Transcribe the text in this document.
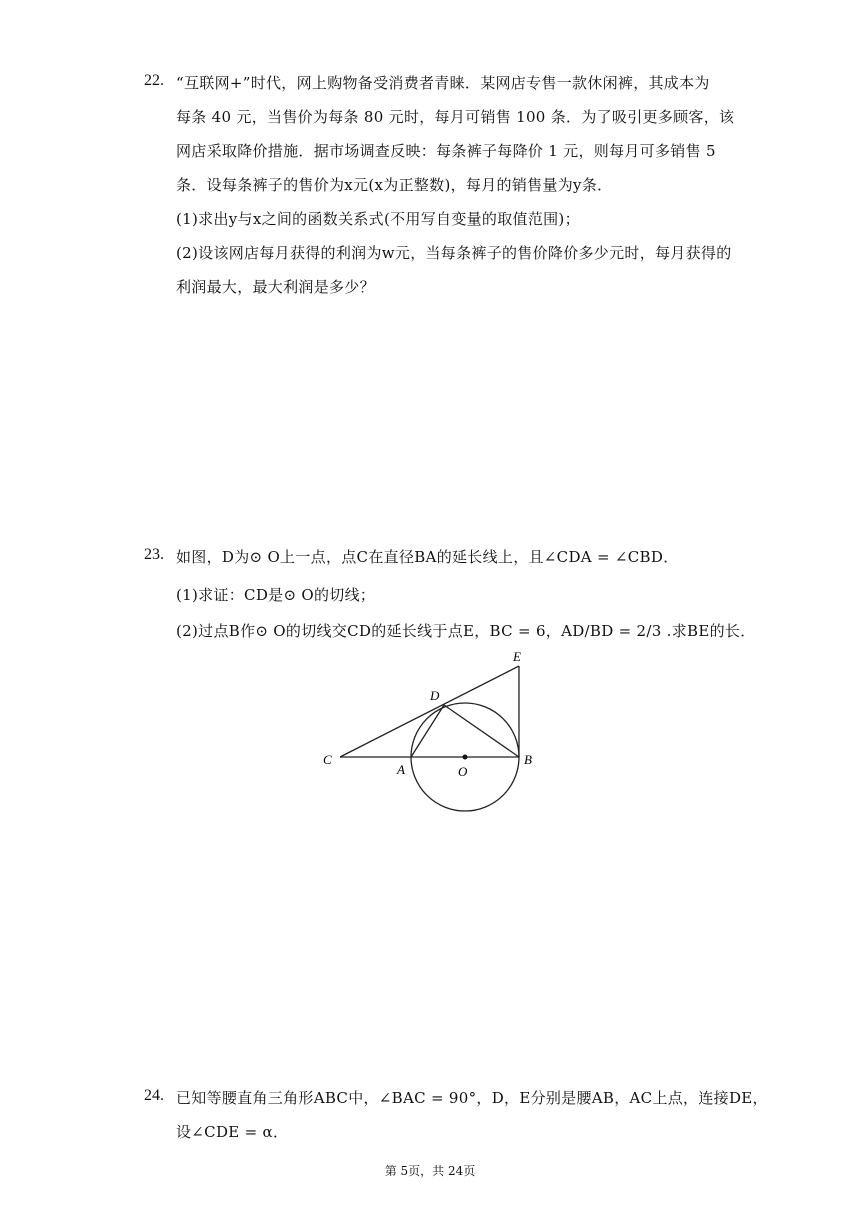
22. “互联网+”时代，网上购物备受消费者青睐．某网店专售一款休闲裤，其成本为
每条 40 元，当售价为每条 80 元时，每月可销售 100 条．为了吸引更多顾客，该
网店采取降价措施．据市场调查反映：每条裤子每降价 1 元，则每月可多销售 5
条．设每条裤子的售价为x元(x为正整数)，每月的销售量为y条．
(1)求出y与x之间的函数关系式(不用写自变量的取值范围)；
(2)设该网店每月获得的利润为w元，当每条裤子的售价降价多少元时，每月获得的
利润最大，最大利润是多少？
23. 如图，D为⊙ O上一点，点C在直径BA的延长线上，且∠CDA = ∠CBD．
(1)求证：CD是⊙ O的切线；
(2)过点B作⊙ O的切线交CD的延长线于点E，BC = 6，AD/BD = 2/3 .求BE的长．
C
A	O
B
D
E
24. 已知等腰直角三角形ABC中，∠BAC = 90°，D，E分别是腰AB，AC上点，连接DE，
设∠CDE = α．
第 5页，共 24页
